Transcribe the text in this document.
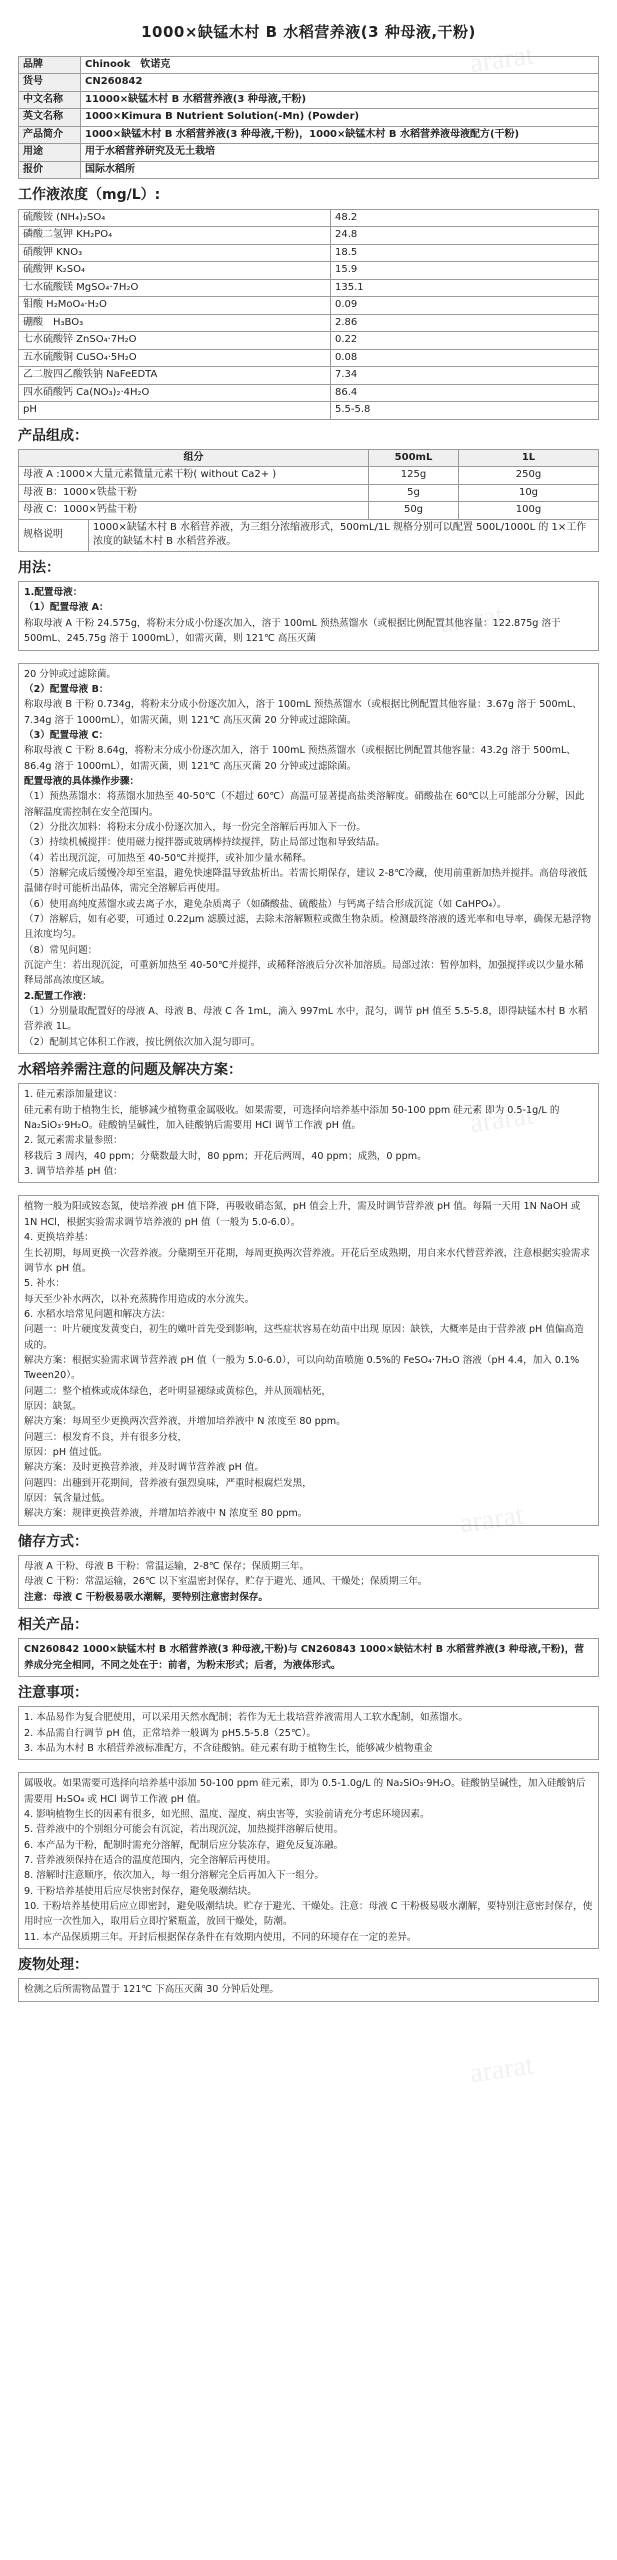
ararat
ararat
ararat
ararat
ararat
1000×缺锰木村 B 水稻营养液(3 种母液,干粉)
品牌	Chinook　钦诺克
货号	CN260842
中文名称	11000×缺锰木村 B 水稻营养液(3 种母液,干粉)
英文名称	1000×Kimura B Nutrient Solution(-Mn) (Powder)
产品简介	1000×缺锰木村 B 水稻营养液(3 种母液,干粉)，1000×缺锰木村 B 水稻营养液母液配方(干粉)
用途	用于水稻营养研究及无土栽培
报价	国际水稻所
工作液浓度（mg/L）:
硫酸铵 (NH₄)₂SO₄	48.2
磷酸二氢钾 KH₂PO₄	24.8
硝酸钾 KNO₃	18.5
硫酸钾 K₂SO₄	15.9
七水硫酸镁 MgSO₄·7H₂O	135.1
钼酸 H₂MoO₄·H₂O	0.09
硼酸　H₃BO₃	2.86
七水硫酸锌 ZnSO₄·7H₂O	0.22
五水硫酸铜 CuSO₄·5H₂O	0.08
乙二胺四乙酸铁钠 NaFeEDTA	7.34
四水硝酸钙 Ca(NO₃)₂·4H₂O	86.4
pH	5.5-5.8
产品组成：
组分	500mL	1L
母液 A :1000×大量元素微量元素干粉( without Ca2+ )	125g	250g
母液 B：1000×铁盐干粉	5g	10g
母液 C：1000×钙盐干粉	50g	100g
规格说明	1000×缺锰木村 B 水稻营养液，为三组分浓缩液形式，500mL/1L 规格分别可以配置 500L/1000L 的 1×工作浓度的缺锰木村 B 水稻营养液。
用法：

1.配置母液：

（1）配置母液 A：

称取母液 A 干粉 24.575g，将粉末分成小份逐次加入，溶于 100mL 预热蒸馏水（或根据比例配置其他容量：122.875g 溶于 500mL、245.75g 溶于 1000mL），如需灭菌，则 121℃ 高压灭菌

20 分钟或过滤除菌。

（2）配置母液 B：

称取母液 B 干粉 0.734g，将粉末分成小份逐次加入，溶于 100mL 预热蒸馏水（或根据比例配置其他容量：3.67g 溶于 500mL、7.34g 溶于 1000mL），如需灭菌，则 121℃ 高压灭菌 20 分钟或过滤除菌。

（3）配置母液 C：

称取母液 C 干粉 8.64g，将粉末分成小份逐次加入，溶于 100mL 预热蒸馏水（或根据比例配置其他容量：43.2g 溶于 500mL、86.4g 溶于 1000mL），如需灭菌，则 121℃ 高压灭菌 20 分钟或过滤除菌。

配置母液的具体操作步骤：

（1）预热蒸馏水：将蒸馏水加热至 40-50℃（不超过 60℃）高温可显著提高盐类溶解度。硝酸盐在 60℃以上可能部分分解，因此溶解温度需控制在安全范围内。

（2）分批次加料：将粉末分成小份逐次加入，每一份完全溶解后再加入下一份。

（3）持续机械搅拌：使用磁力搅拌器或玻璃棒持续搅拌，防止局部过饱和导致结晶。

（4）若出现沉淀，可加热至 40-50℃并搅拌，或补加少量水稀释。

（5）溶解完成后缓慢冷却至室温，避免快速降温导致盐析出。若需长期保存，建议 2-8℃冷藏，使用前重新加热并搅拌。高倍母液低温储存时可能析出晶体，需完全溶解后再使用。

（6）使用高纯度蒸馏水或去离子水，避免杂质离子（如磷酸盐、硫酸盐）与钙离子结合形成沉淀（如 CaHPO₄）。

（7）溶解后，如有必要，可通过 0.22μm 滤膜过滤，去除未溶解颗粒或微生物杂质。检测最终溶液的透光率和电导率，确保无悬浮物且浓度均匀。

（8）常见问题：

沉淀产生：若出现沉淀，可重新加热至 40-50℃并搅拌，或稀释溶液后分次补加溶质。局部过浓：暂停加料，加强搅拌或以少量水稀释局部高浓度区域。

2.配置工作液：

（1）分别量取配置好的母液 A、母液 B、母液 C 各 1mL，滴入 997mL 水中，混匀，调节 pH 值至 5.5-5.8，即得缺锰木村 B 水稻营养液 1L。

（2）配制其它体积工作液，按比例依次加入混匀即可。

水稻培养需注意的问题及解决方案：

1. 硅元素添加量建议：

硅元素有助于植物生长，能够减少植物重金属吸收。如果需要，可选择向培养基中添加 50-100 ppm 硅元素 即为 0.5-1g/L 的 Na₂SiO₃·9H₂O。硅酸钠呈碱性，加入硅酸钠后需要用 HCl 调节工作液 pH 值。

2. 氮元素需求量参照：

移栽后 3 周内，40 ppm；分蘖数最大时，80 ppm；开花后两周，40 ppm；成熟，0 ppm。

3. 调节培养基 pH 值：

植物一般为阳或铵态氮，使培养液 pH 值下降，再吸收硝态氮，pH 值会上升，需及时调节营养液 pH 值。每隔一天用 1N NaOH 或 1N HCl，根据实验需求调节培养液的 pH 值（一般为 5.0-6.0）。

4. 更换培养基：

生长初期，每周更换一次营养液。分蘖期至开花期，每周更换两次营养液。开花后至成熟期，用自来水代替营养液，注意根据实验需求调节水 pH 值。

5. 补水：

每天至少补水两次，以补充蒸腾作用造成的水分流失。

6. 水稻水培常见问题和解决方法：

问题一：叶片硬度发黄变白，初生的嫩叶首先受到影响，这些症状容易在幼苗中出现 原因：缺铁，大概率是由于营养液 pH 值偏高造成的。

解决方案：根据实验需求调节营养液 pH 值（一般为 5.0-6.0），可以向幼苗喷施 0.5%的 FeSO₄·7H₂O 溶液（pH 4.4，加入 0.1% Tween20）。

问题二：整个植株或成体绿色，老叶明显褪绿或黄棕色，并从顶端枯死，

原因：缺氮。

解决方案：每周至少更换两次营养液，并增加培养液中 N 浓度至 80 ppm。

问题三：根发育不良，并有很多分枝，

原因：pH 值过低。

解决方案：及时更换营养液，并及时调节营养液 pH 值。

问题四：出穗到开花期间，营养液有强烈臭味，严重时根腐烂发黑，

原因：氧含量过低。

解决方案：规律更换营养液，并增加培养液中 N 浓度至 80 ppm。

储存方式：

母液 A 干粉、母液 B 干粉：常温运输，2-8℃ 保存；保质期三年。

母液 C 干粉：常温运输，26℃ 以下室温密封保存，贮存于避光、通风、干燥处；保质期三年。

注意：母液 C 干粉极易吸水潮解，要特别注意密封保存。

相关产品：

CN260842 1000×缺锰木村 B 水稻营养液(3 种母液,干粉)与 CN260843 1000×缺钴木村 B 水稻营养液(3 种母液,干粉)，营养成分完全相同，不同之处在于：前者，为粉末形式；后者，为液体形式。

注意事项：

1. 本品易作为复合肥使用，可以采用天然水配制；若作为无土栽培营养液需用人工软水配制，如蒸馏水。

2. 本品需自行调节 pH 值，正常培养一般调为 pH5.5-5.8（25℃）。

3. 本品为木村 B 水稻营养液标准配方，不含硅酸钠。硅元素有助于植物生长，能够减少植物重金

属吸收。如果需要可选择向培养基中添加 50-100 ppm 硅元素，即为 0.5-1.0g/L 的 Na₂SiO₃·9H₂O。硅酸钠呈碱性，加入硅酸钠后需要用 H₂SO₄ 或 HCl 调节工作液 pH 值。

4. 影响植物生长的因素有很多，如光照、温度、湿度、病虫害等，实验前请充分考虑环境因素。

5. 营养液中的个别组分可能会有沉淀，若出现沉淀，加热搅拌溶解后使用。

6. 本产品为干粉，配制时需充分溶解，配制后应分装冻存，避免反复冻融。

7. 营养液须保持在适合的温度范围内，完全溶解后再使用。

8. 溶解时注意顺序，依次加入，每一组分溶解完全后再加入下一组分。

9. 干粉培养基使用后应尽快密封保存，避免吸潮结块。

10. 干粉培养基使用后应立即密封，避免吸潮结块。贮存于避光、干燥处。注意：母液 C 干粉极易吸水潮解，要特别注意密封保存，使用时应一次性加入，取用后立即拧紧瓶盖，放回干燥处，防潮。

11. 本产品保质期三年。开封后根据保存条件在有效期内使用，不同的环境存在一定的差异。

废物处理：

检测之后所需物品置于 121℃ 下高压灭菌 30 分钟后处理。
